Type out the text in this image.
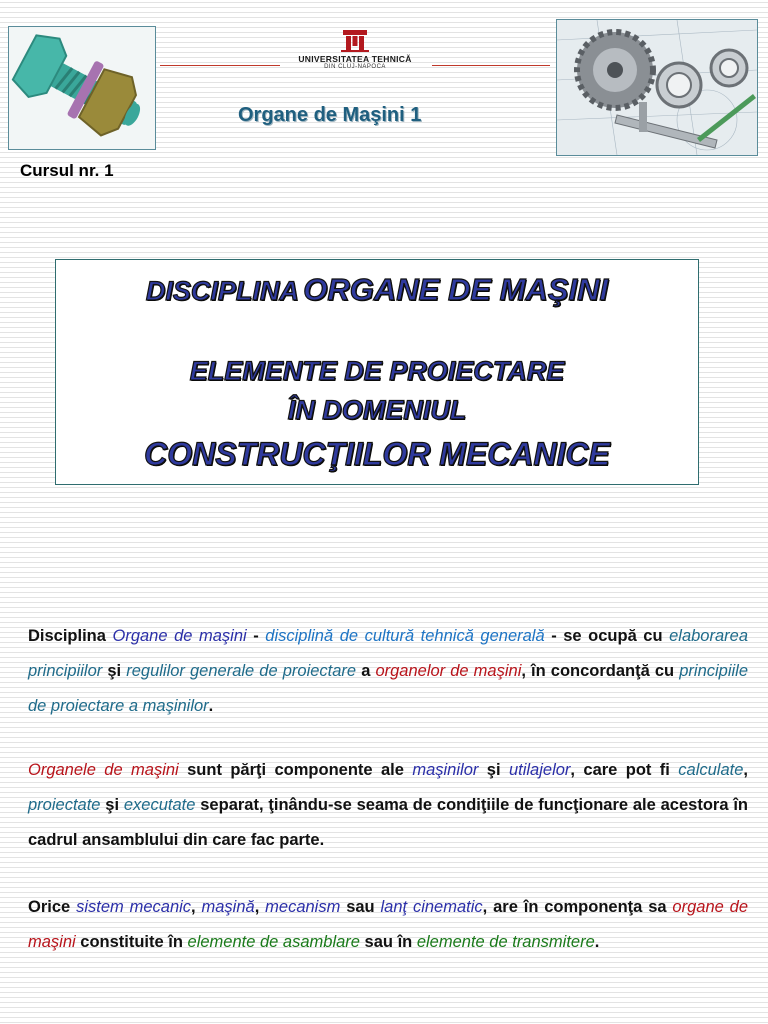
UNIVERSITATEA TEHNICĂ
DIN CLUJ-NAPOCA
Organe de Maşini 1
Cursul nr. 1
DISCIPLINA ORGANE DE MAŞINI
ELEMENTE DE PROIECTARE
ÎN DOMENIUL
CONSTRUCŢIILOR MECANICE
Disciplina Organe de maşini - disciplină de cultură tehnică generală - se ocupă cu elaborarea principiilor şi regulilor generale de proiectare a organelor de maşini, în concordanţă cu principiile de proiectare a maşinilor.
Organele de maşini sunt părţi componente ale maşinilor şi utilajelor, care pot fi calculate, proiectate şi executate separat, ţinându-se seama de condiţiile de funcţionare ale acestora în cadrul ansamblului din care fac parte.
Orice sistem mecanic, maşină, mecanism sau lanţ cinematic, are în componenţa sa organe de maşini constituite în elemente de asamblare sau în elemente de transmitere.
